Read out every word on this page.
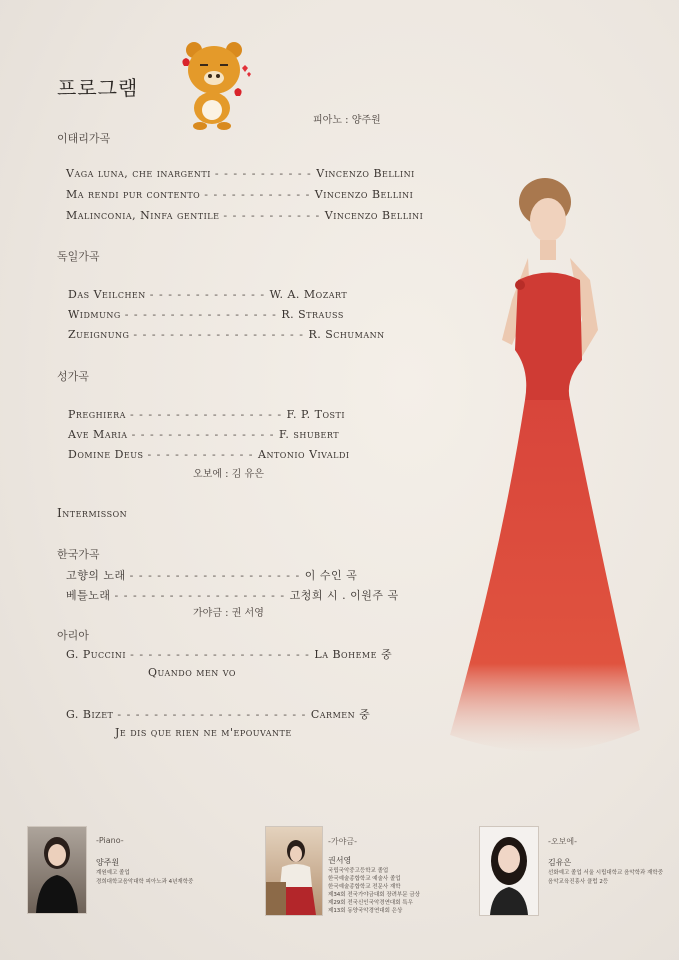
프로그램
피아노 : 양주원
이태리가곡
Vaga luna, che inargenti - - - - - - - - - - - Vincenzo Bellini
Ma rendi pur contento - - - - - - - - - - - - Vincenzo Bellini
Malinconia, Ninfa gentile - - - - - - - - - - - Vincenzo Bellini
독일가곡
Das Veilchen - - - - - - - - - - - - - W. A. Mozart
Widmung - - - - - - - - - - - - - - - - - R. Strauss
Zueignung - - - - - - - - - - - - - - - - - - - R. Schumann
성가곡
Preghiera - - - - - - - - - - - - - - - - - F. P. Tosti
Ave Maria - - - - - - - - - - - - - - - - F. shubert
Domine Deus - - - - - - - - - - - - Antonio Vivaldi
오보에 : 김 유은
Intermisson
한국가곡
고향의 노래 - - - - - - - - - - - - - - - - - - - 이 수인 곡
베틀노래 - - - - - - - - - - - - - - - - - - - 고청희 시 . 이원주 곡
가야금 : 권 서영
아리아
G. Puccini - - - - - - - - - - - - - - - - - - - - La Boheme 중
Quando men vo
G. Bizet - - - - - - - - - - - - - - - - - - - - - Carmen 중
Je dis que rien ne m'epouvante
-Piano-
양주원
계원예고 졸업
경희대학교음악대학 피아노과 4년재학중
-가야금-
권서영
국립국악중고등학교 졸업
한국예술종합학교 예술사 졸업
한국예술종합학교 전문사 재학
제34회 전국가야금대회 장려부문 금상
제29회 전국신인국악경연대회 특우
제13회 동양국악경연대회 은상
-오보에-
김유은
선화예고 졸업 서울 시립대학교 음악학과 재학중
음악교육진흥사 클럽 2등
